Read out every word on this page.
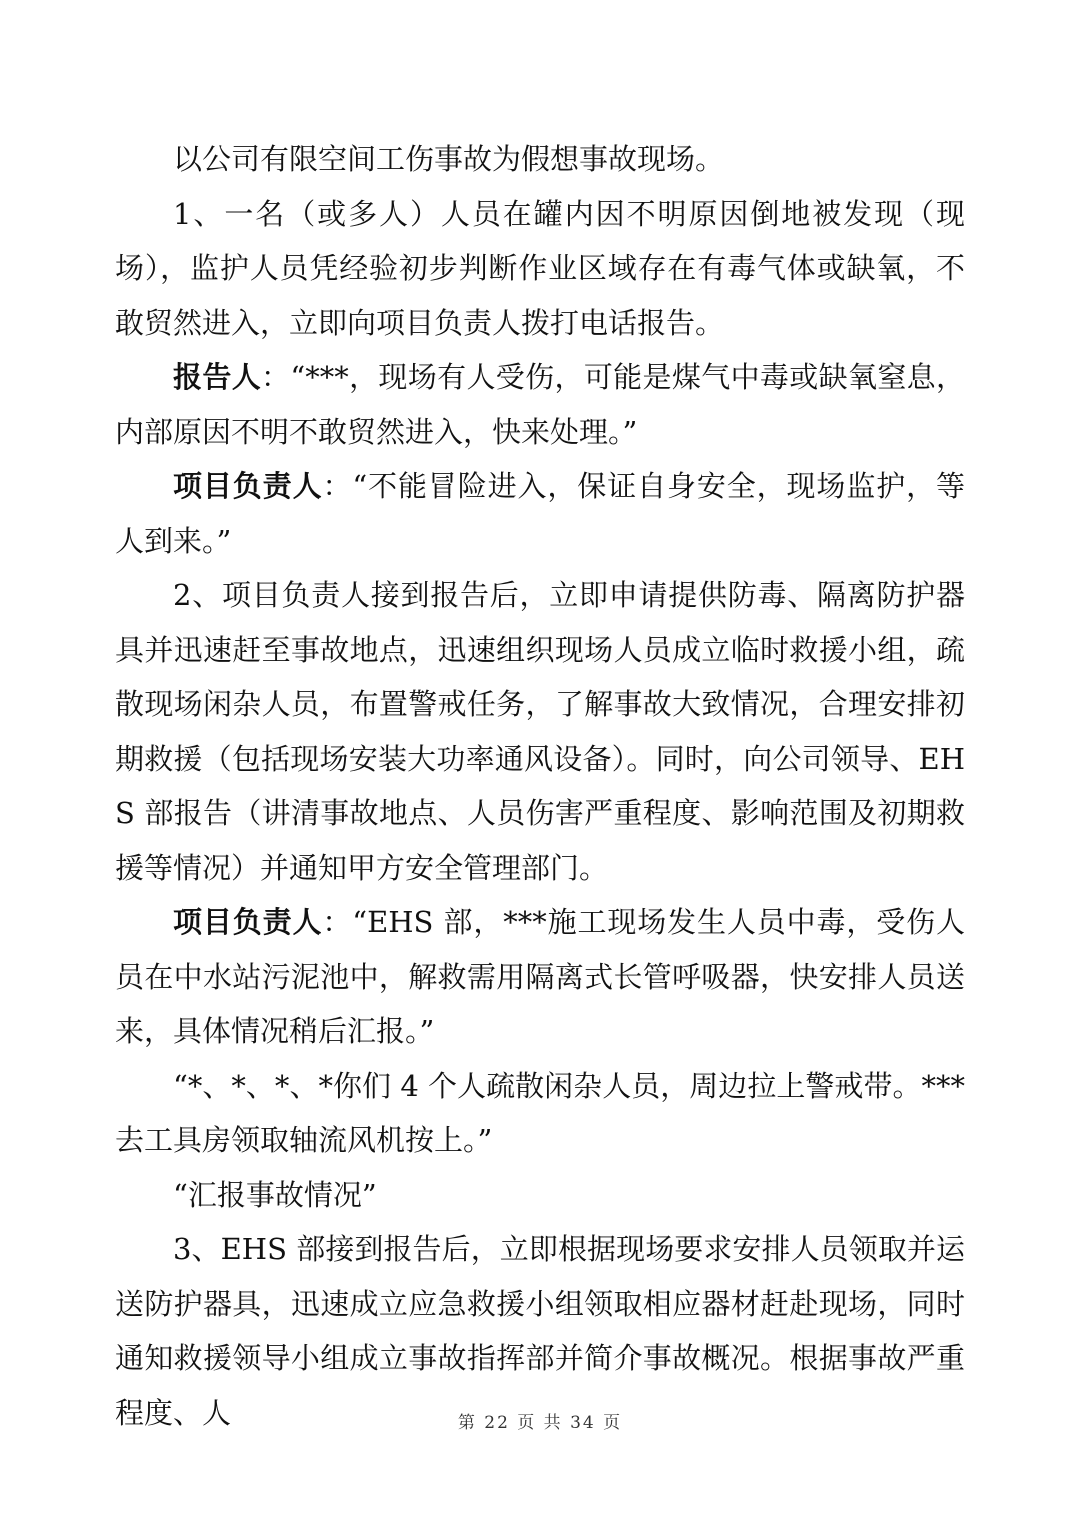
以公司有限空间工伤事故为假想事故现场。

1、一名（或多人）人员在罐内因不明原因倒地被发现（现场），监护人员凭经验初步判断作业区域存在有毒气体或缺氧，不敢贸然进入，立即向项目负责人拨打电话报告。

报告人：“***，现场有人受伤，可能是煤气中毒或缺氧窒息，内部原因不明不敢贸然进入，快来处理。”

项目负责人：“不能冒险进入，保证自身安全，现场监护，等人到来。”

2、项目负责人接到报告后，立即申请提供防毒、隔离防护器具并迅速赶至事故地点，迅速组织现场人员成立临时救援小组，疏散现场闲杂人员，布置警戒任务，了解事故大致情况，合理安排初期救援（包括现场安装大功率通风设备）。同时，向公司领导、EHS 部报告（讲清事故地点、人员伤害严重程度、影响范围及初期救援等情况）并通知甲方安全管理部门。

项目负责人：“EHS 部，***施工现场发生人员中毒，受伤人员在中水站污泥池中，解救需用隔离式长管呼吸器，快安排人员送来，具体情况稍后汇报。”

“*、*、*、*你们 4 个人疏散闲杂人员，周边拉上警戒带。***去工具房领取轴流风机按上。”

“汇报事故情况”

3、EHS 部接到报告后，立即根据现场要求安排人员领取并运送防护器具，迅速成立应急救援小组领取相应器材赶赴现场，同时通知救援领导小组成立事故指挥部并简介事故概况。根据事故严重程度、人	第 22 页 共 34 页
